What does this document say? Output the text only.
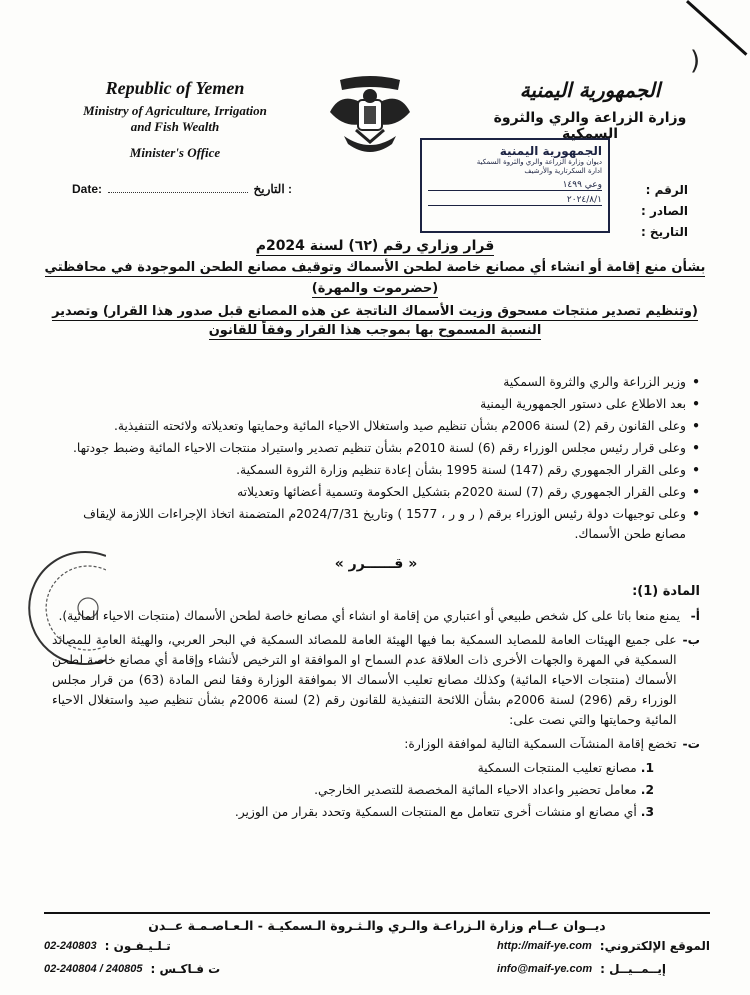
)
Republic of Yemen
Ministry of Agriculture, Irrigation
and Fish Wealth
Minister's Office
الجمهورية اليمنية
وزارة الزراعة والري والثروة السمكية
Date:	التاريخ :
الجمهورية اليمنية
ديوان وزارة الزراعة والري والثروة السمكية
ادارة السكرتارية والأرشيف
وعي ١٤٩٩
٢٠٢٤/٨/١
الرقم :
الصادر :
التاريخ :
قرار وزاري رقم (٦٢) لسنة 2024م
بشأن منع إقامة أو انشاء أي مصانع خاصة لطحن الأسماك وتوقيف مصانع الطحن الموجودة في محافظتي
(حضرموت والمهرة)
(وتنظيم تصدير منتجات مسحوق وزيت الأسماك الناتجة عن هذه المصانع قبل صدور هذا القرار) وتصدير
النسبة المسموح بها بموجب هذا القرار وفقاً للقانون
• وزير الزراعة والري والثروة السمكية
• بعد الاطلاع على دستور الجمهورية اليمنية
• وعلى القانون رقم (2) لسنة 2006م بشأن تنظيم صيد واستغلال الاحياء المائية وحمايتها وتعديلاته ولائحته التنفيذية.
• وعلى قرار رئيس مجلس الوزراء رقم (6) لسنة 2010م بشأن تنظيم تصدير واستيراد منتجات الاحياء المائية وضبط جودتها.
• وعلى القرار الجمهوري رقم (147) لسنة 1995 بشأن إعادة تنظيم وزارة الثروة السمكية.
• وعلى القرار الجمهوري رقم (7) لسنة 2020م بتشكيل الحكومة وتسمية أعضائها وتعديلاته
• وعلى توجيهات دولة رئيس الوزراء برقم ( ر و ر ، 1577 ) وتاريخ 2024/7/31م المتضمنة اتخاذ الإجراءات اللازمة لإيقاف مصانع طحن الأسماك.
« قــــــرر »
المادة (1):
أ-
يمنع منعا باتا على كل شخص طبيعي أو اعتباري من إقامة او انشاء أي مصانع خاصة لطحن الأسماك (منتجات الاحياء المائية).
ب-
على جميع الهيئات العامة للمصايد السمكية بما فيها الهيئة العامة للمصائد السمكية في البحر العربي، والهيئة العامة للمصائد السمكية في المهرة والجهات الأخرى ذات العلاقة عدم السماح او الموافقة او الترخيص لأنشاء وإقامة أي مصانع خاصة لطحن الأسماك (منتجات الاحياء المائية) وكذلك مصانع تعليب الأسماك الا بموافقة الوزارة وفقا لنص المادة (63) من قرار مجلس الوزراء رقم (296) لسنة 2006م بشأن اللائحة التنفيذية للقانون رقم (2) لسنة 2006م بشأن تنظيم صيد واستغلال الاحياء المائية وحمايتها والتي نصت على:
ت-
تخضع إقامة المنشآت السمكية التالية لموافقة الوزارة:
1.مصانع تعليب المنتجات السمكية
2.معامل تحضير واعداد الاحياء المائية المخصصة للتصدير الخارجي.
3.أي مصانع او منشات أخرى تتعامل مع المنتجات السمكية وتحدد بقرار من الوزير.
ديــوان عــام وزارة الـزراعـة والـري والـثـروة الـسمكيـة - الـعـاصـمـة عــدن
02-240803 تـلـيـفـون :
02-240804 / 240805 ت فـاكـس :
http://maif-ye.com الموقع الإلكتروني:
info@maif-ye.com إيــمــيــل :
